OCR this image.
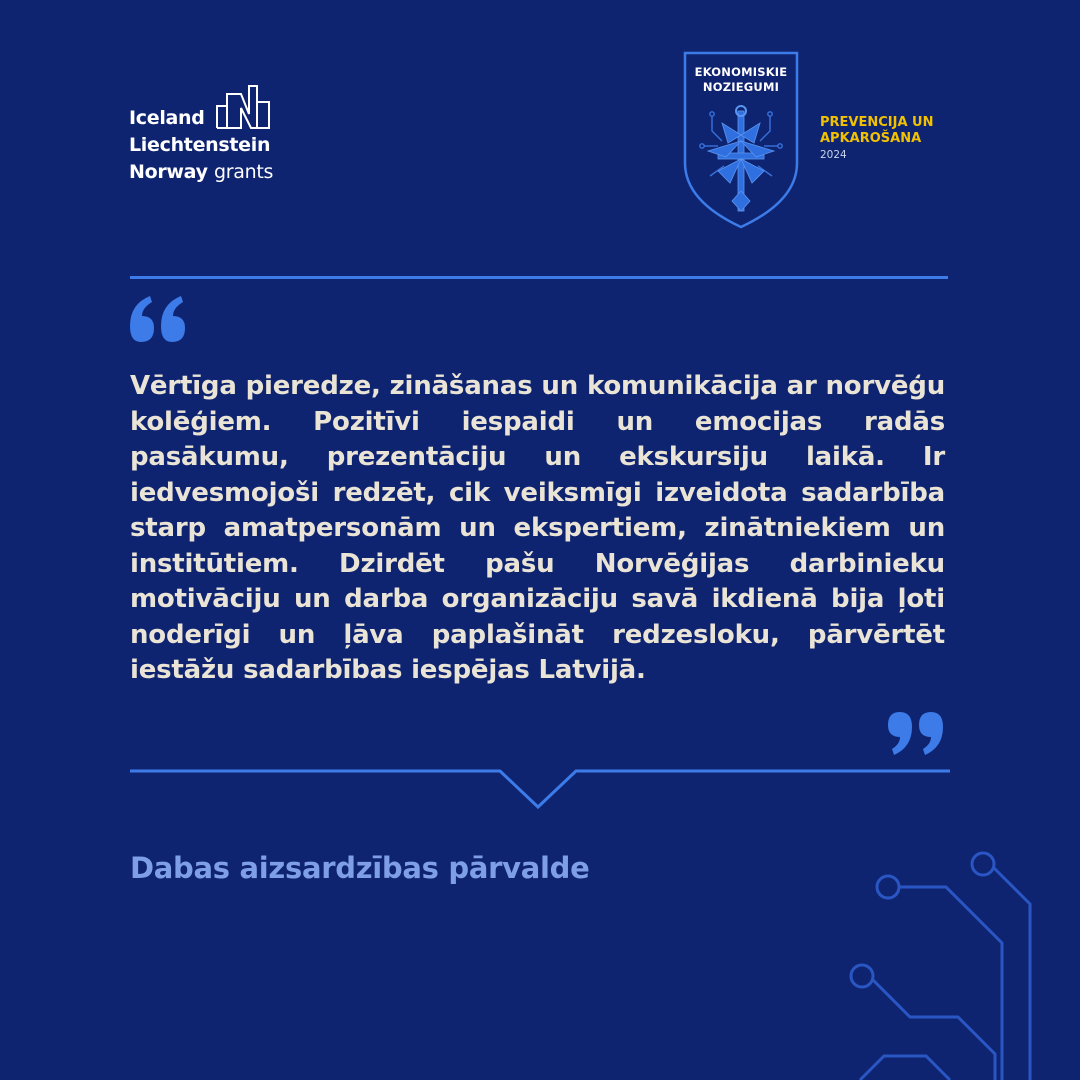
Iceland
Liechtenstein
Norway grants
EKONOMISKIE
NOZIEGUMI
PREVENCIJA UN
APKAROŠANA
2024

Vērtīga pieredze, zināšanas un komunikācija ar norvēģu kolēģiem. Pozitīvi iespaidi un emocijas radās pasākumu, prezentāciju un ekskursiju laikā. Ir iedvesmojoši redzēt, cik veiksmīgi izveidota sadarbība starp amatpersonām un ekspertiem, zinātniekiem un institūtiem. Dzirdēt pašu Norvēģijas darbinieku motivāciju un darba organizāciju savā ikdienā bija ļoti noderīgi un ļāva paplašināt redzesloku, pārvērtēt iestāžu sadarbības iespējas Latvijā.

Dabas aizsardzības pārvalde
